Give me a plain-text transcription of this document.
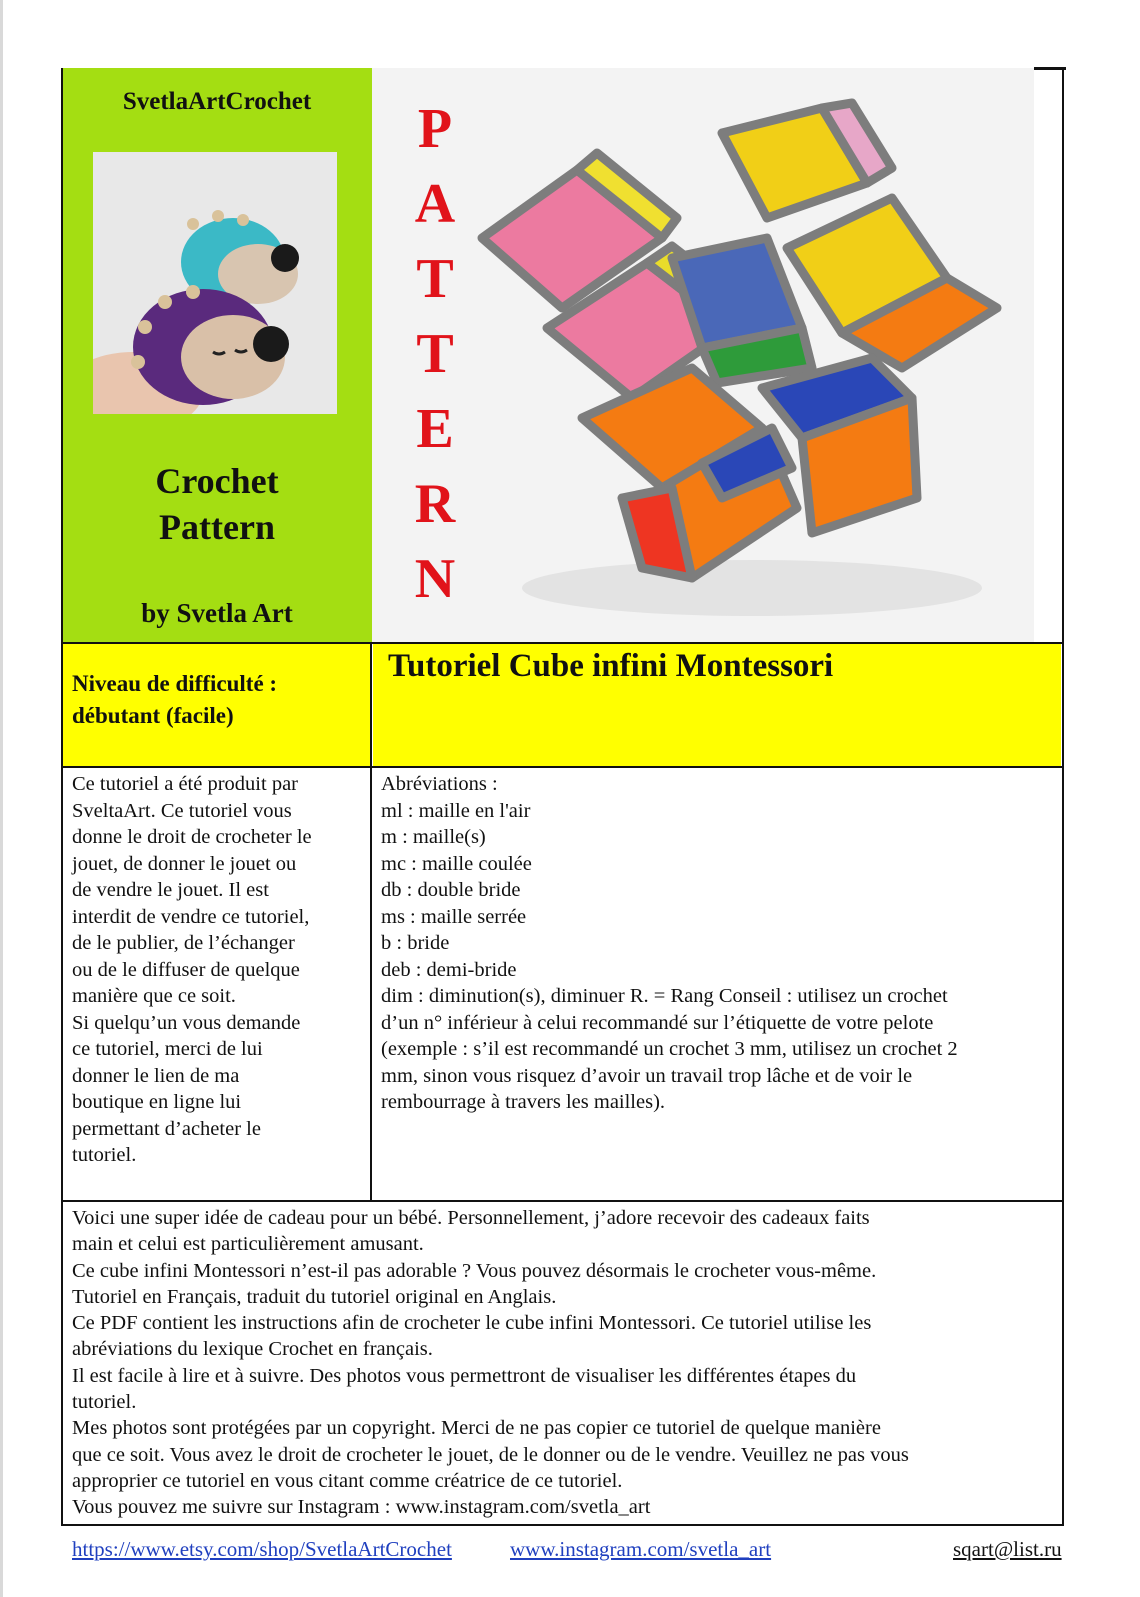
SvetlaArtCrochet
Crochet
Pattern
by Svetla Art
P
A
T
T
E
R
N
Niveau de difficulté :
débutant (facile)
Tutoriel Cube infini Montessori

Ce tutoriel a été produit par

SveltaArt. Ce tutoriel vous

donne le droit de crocheter le

jouet, de donner le jouet ou

de vendre le jouet. Il est

interdit de vendre ce tutoriel,

de le publier, de l’échanger

ou de le diffuser de quelque

manière que ce soit.

Si quelqu’un vous demande

ce tutoriel, merci de lui

donner le lien de ma

boutique en ligne lui

permettant d’acheter le

tutoriel.

Abréviations :

ml : maille en l'air

m : maille(s)

mc : maille coulée

db : double bride

ms : maille serrée

b : bride

deb : demi-bride

dim : diminution(s), diminuer R. = Rang Conseil : utilisez un crochet

d’un n° inférieur à celui recommandé sur l’étiquette de votre pelote

(exemple : s’il est recommandé un crochet 3 mm, utilisez un crochet 2

mm, sinon vous risquez d’avoir un travail trop lâche et de voir le

rembourrage à travers les mailles).

Voici une super idée de cadeau pour un bébé. Personnellement, j’adore recevoir des cadeaux faits

main et celui est particulièrement amusant.

Ce cube infini Montessori n’est-il pas adorable ? Vous pouvez désormais le crocheter vous-même.

Tutoriel en Français, traduit du tutoriel original en Anglais.

Ce PDF contient les instructions afin de crocheter le cube infini Montessori. Ce tutoriel utilise les

abréviations du lexique Crochet en français.

Il est facile à lire et à suivre. Des photos vous permettront de visualiser les différentes étapes du

tutoriel.

Mes photos sont protégées par un copyright. Merci de ne pas copier ce tutoriel de quelque manière

que ce soit. Vous avez le droit de crocheter le jouet, de le donner ou de le vendre. Veuillez ne pas vous

approprier ce tutoriel en vous citant comme créatrice de ce tutoriel.

Vous pouvez me suivre sur Instagram : www.instagram.com/svetla_art

https://www.etsy.com/shop/SvetlaArtCrochet	www.instagram.com/svetla_art	sqart@list.ru
